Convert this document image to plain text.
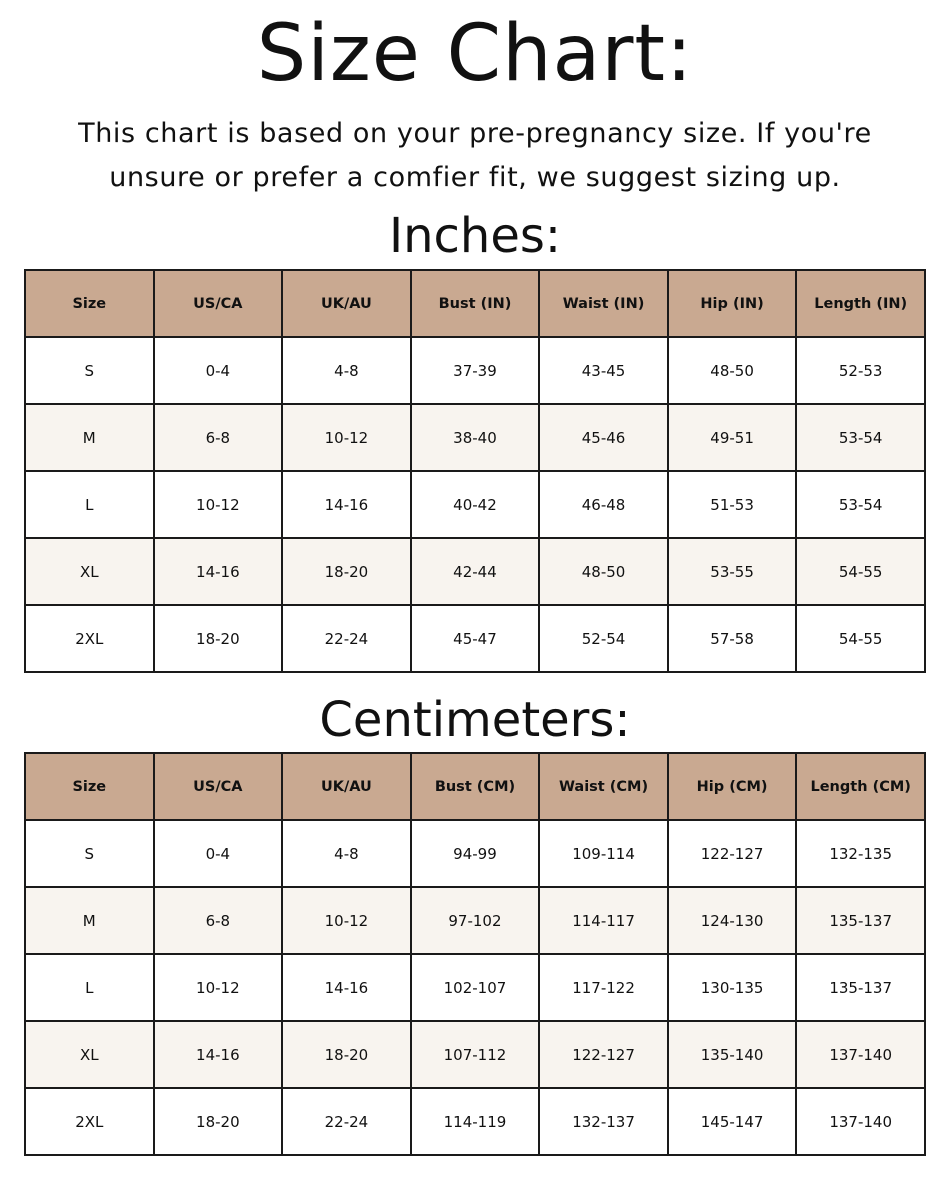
Size Chart:
This chart is based on your pre-pregnancy size. If you're
unsure or prefer a comfier fit, we suggest sizing up.
Inches:
Size	US/CA	UK/AU	Bust (IN)	Waist (IN)	Hip (IN)	Length (IN)
S	0-4	4-8	37-39	43-45	48-50	52-53
M	6-8	10-12	38-40	45-46	49-51	53-54
L	10-12	14-16	40-42	46-48	51-53	53-54
XL	14-16	18-20	42-44	48-50	53-55	54-55
2XL	18-20	22-24	45-47	52-54	57-58	54-55
Centimeters:
Size	US/CA	UK/AU	Bust (CM)	Waist (CM)	Hip (CM)	Length (CM)
S	0-4	4-8	94-99	109-114	122-127	132-135
M	6-8	10-12	97-102	114-117	124-130	135-137
L	10-12	14-16	102-107	117-122	130-135	135-137
XL	14-16	18-20	107-112	122-127	135-140	137-140
2XL	18-20	22-24	114-119	132-137	145-147	137-140
